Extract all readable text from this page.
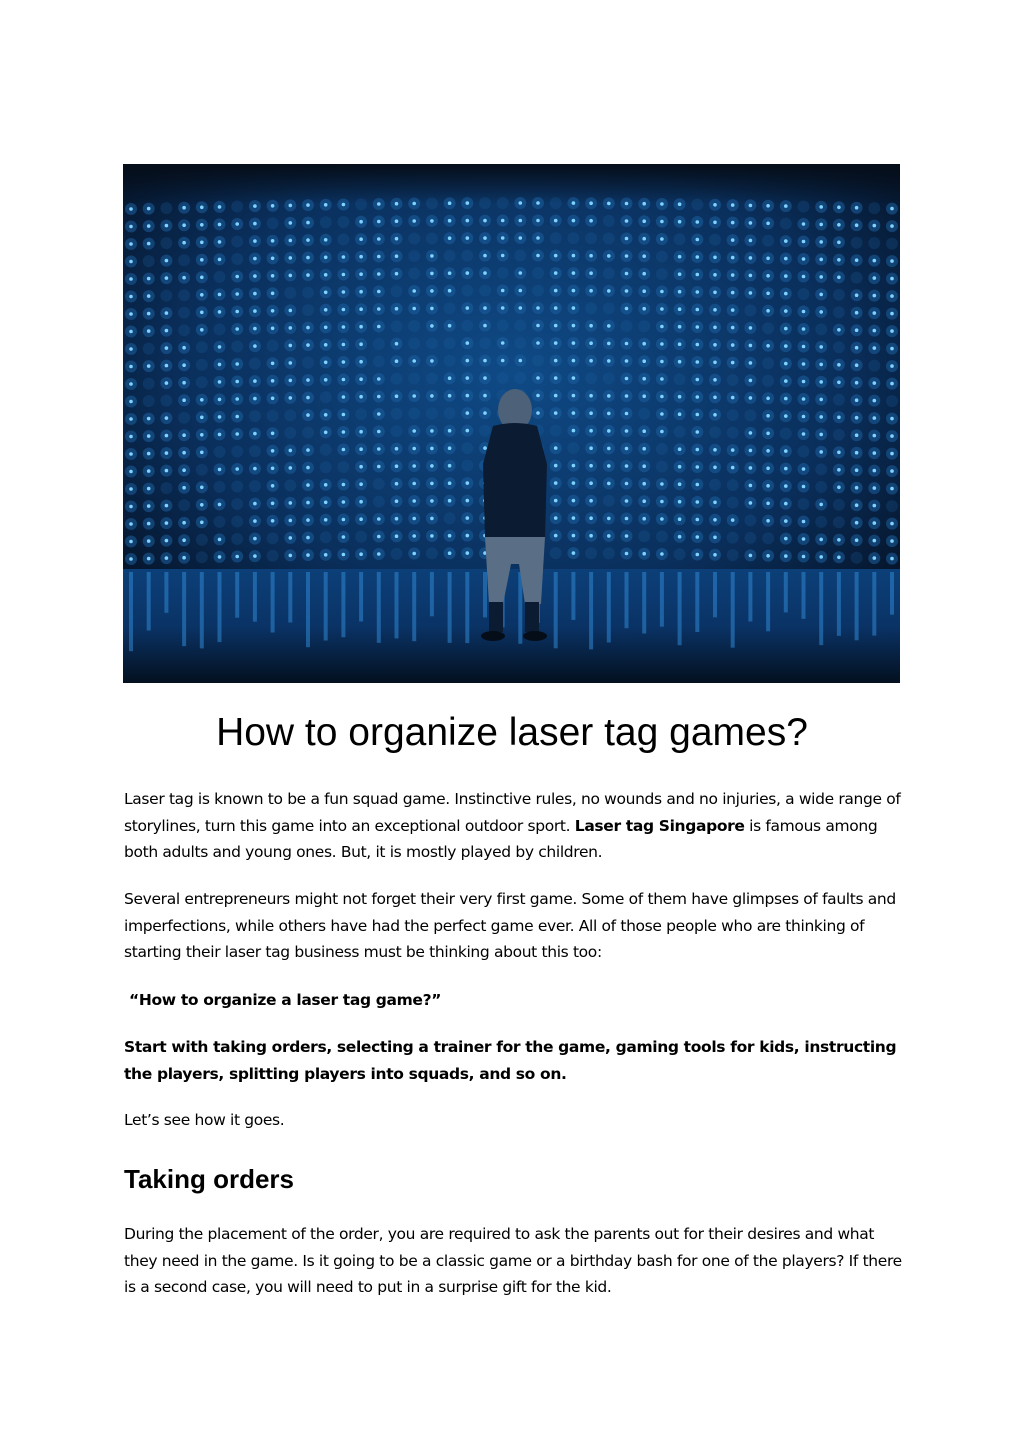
How to organize laser tag games?

Laser tag is known to be a fun squad game. Instinctive rules, no wounds and no injuries, a wide range of storylines, turn this game into an exceptional outdoor sport. Laser tag Singapore is famous among both adults and young ones. But, it is mostly played by children.

Several entrepreneurs might not forget their very first game. Some of them have glimpses of faults and imperfections, while others have had the perfect game ever. All of those people who are thinking of starting their laser tag business must be thinking about this too:

“How to organize a laser tag game?”

Start with taking orders, selecting a trainer for the game, gaming tools for kids, instructing the players, splitting players into squads, and so on.

Let’s see how it goes.

Taking orders

During the placement of the order, you are required to ask the parents out for their desires and what they need in the game. Is it going to be a classic game or a birthday bash for one of the players? If there is a second case, you will need to put in a surprise gift for the kid.
